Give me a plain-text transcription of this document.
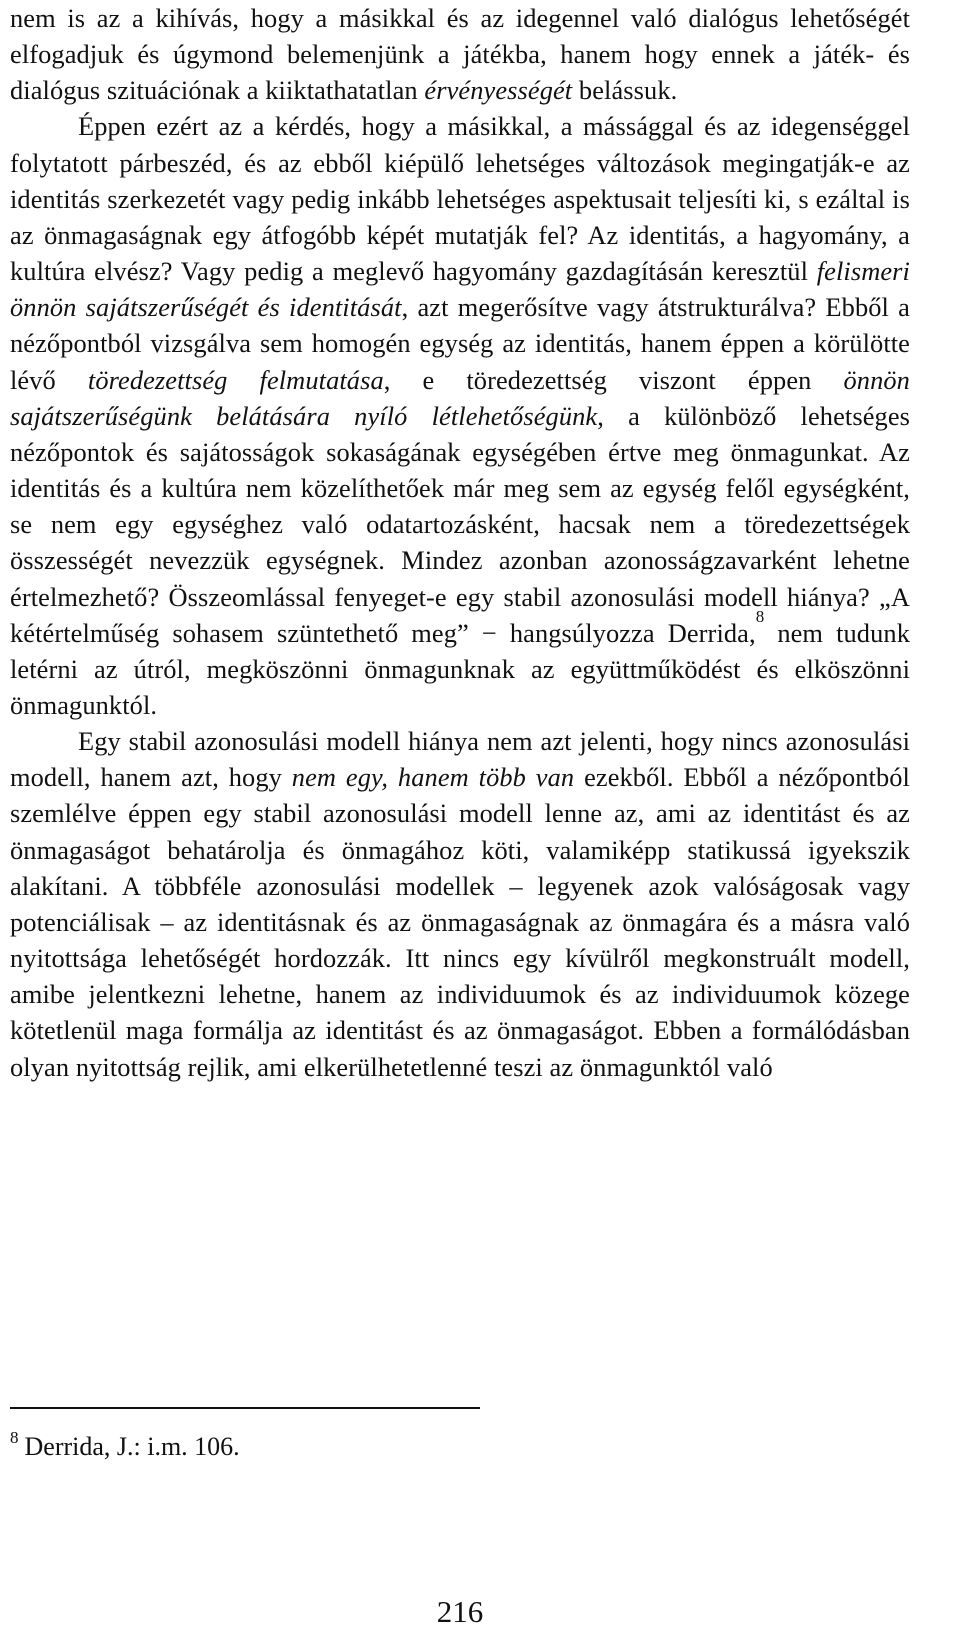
nem is az a kihívás, hogy a másikkal és az idegennel való dialógus lehetőségét elfogadjuk és úgymond belemenjünk a játékba, hanem hogy ennek a játék- és dialógus szituációnak a kiiktathatatlan érvényességét belássuk.

Éppen ezért az a kérdés, hogy a másikkal, a mássággal és az idegenséggel folytatott párbeszéd, és az ebből kiépülő lehetséges változások megingatják-e az identitás szerkezetét vagy pedig inkább lehetséges aspektusait teljesíti ki, s ezáltal is az önmagaságnak egy átfogóbb képét mutatják fel? Az identitás, a hagyomány, a kultúra elvész? Vagy pedig a meglevő hagyomány gazdagításán keresztül felismeri önnön sajátszerűségét és identitását, azt megerősítve vagy átstrukturálva? Ebből a nézőpontból vizsgálva sem homogén egység az identitás, hanem éppen a körülötte lévő töredezettség felmutatása, e töredezettség viszont éppen önnön sajátszerűségünk belátására nyíló létlehetőségünk, a különböző lehetséges nézőpontok és sajátosságok sokaságának egységében értve meg önmagunkat. Az identitás és a kultúra nem közelíthetőek már meg sem az egység felől egységként, se nem egy egységhez való odatartozásként, hacsak nem a töredezettségek összességét nevezzük egységnek. Mindez azonban azonosságzavarként lehetne értelmezhető? Összeomlással fenyeget-e egy stabil azonosulási modell hiánya? „A kétértelműség sohasem szüntethető meg” − hangsúlyozza Derrida,$^8$ nem tudunk letérni az útról, megköszönni önmagunknak az együttműködést és elköszönni önmagunktól.

Egy stabil azonosulási modell hiánya nem azt jelenti, hogy nincs azonosulási modell, hanem azt, hogy nem egy, hanem több van ezekből. Ebből a nézőpontból szemlélve éppen egy stabil azonosulási modell lenne az, ami az identitást és az önmagaságot behatárolja és önmagához köti, valamiképp statikussá igyekszik alakítani. A többféle azonosulási modellek – legyenek azok valóságosak vagy potenciálisak – az identitásnak és az önmagaságnak az önmagára és a másra való nyitottsága lehetőségét hordozzák. Itt nincs egy kívülről megkonstruált modell, amibe jelentkezni lehetne, hanem az individuumok és az individuumok közege kötetlenül maga formálja az identitást és az önmagaságot. Ebben a formálódásban olyan nyitottság rejlik, ami elkerülhetetlenné teszi az önmagunktól való

$^8$ Derrida, J.: i.m. 106.

216
